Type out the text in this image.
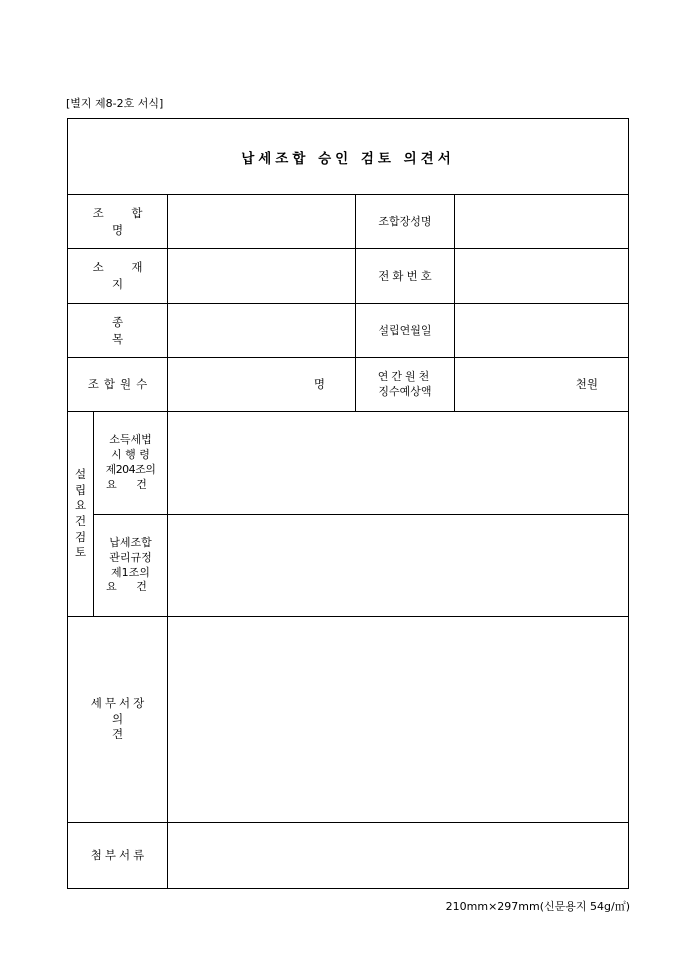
[별지 제8-2호 서식]
납세조합 승인 검토 의견서
조 합 명
조합장성명
소 재 지
전화번호
종 목
설립연월일
조합원수	명
연간원천
징수예상액	천원
설
립
요
건
검
토
소득세법
시 행 령
제204조의
요 건
납세조합
관리규정
제1조의
요 건
세무서장
의 견
첨부서류
210mm×297mm(신문용지 54g/㎡)
